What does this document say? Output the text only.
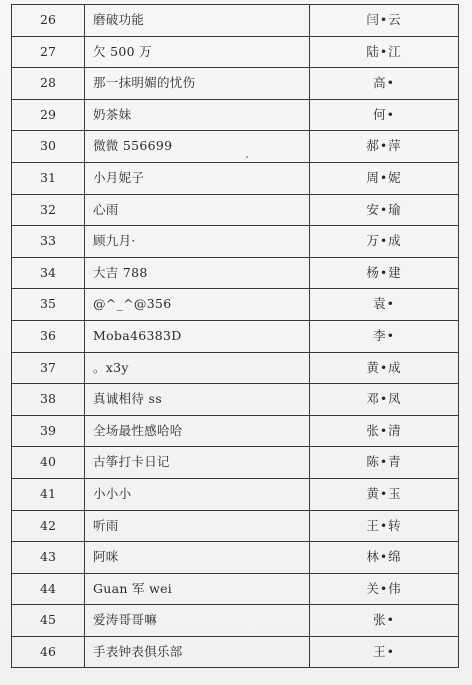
26	磨破功能	闫•云
27	欠 500 万	陆•江
28	那一抹明媚的忧伤	高•
29	奶茶妹	何•
30	微微 556699	郝•萍
31	小月妮子	周•妮
32	心雨	安•瑜
33	顾九月·	万•成
34	大吉 788	杨•建
35	@^_^@356	袁•
36	Moba46383D	李•
37	。x3y	黄•成
38	真诚相待 ss	邓•凤
39	全场最性感哈哈	张•清
40	古筝打卡日记	陈•青
41	小小小	黄•玉
42	听雨	王•转
43	阿咪	林•绵
44	Guan 军 wei	关•伟
45	爱涛哥哥嘛	张•
46	手表钟表俱乐部	王•
